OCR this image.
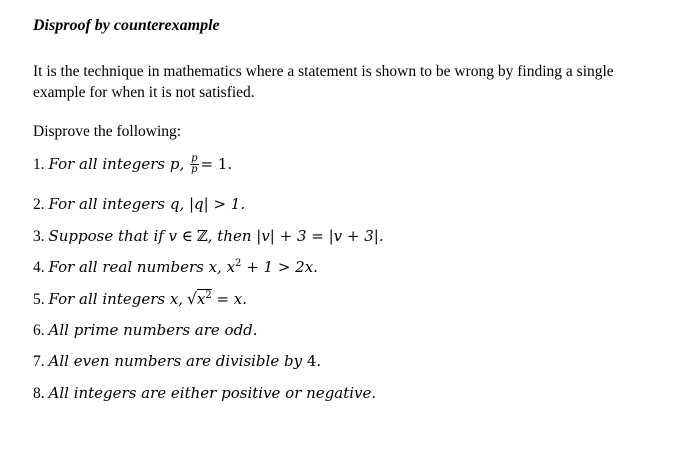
Disproof by counterexample
It is the technique in mathematics where a statement is shown to be wrong by finding a single example for when it is not satisfied.
Disprove the following:
1. For all integers p, $\frac{p}{p} = 1$.
2. For all integers q, |q| > 1.
3. Suppose that if v ∈ ℤ, then |v| + 3 = |v + 3|.
4. For all real numbers x, $x^2 + 1 > 2x$.
5. For all integers x, $√x^2 = x$.
6. All prime numbers are odd.
7. All even numbers are divisible by 4.
8. All integers are either positive or negative.
